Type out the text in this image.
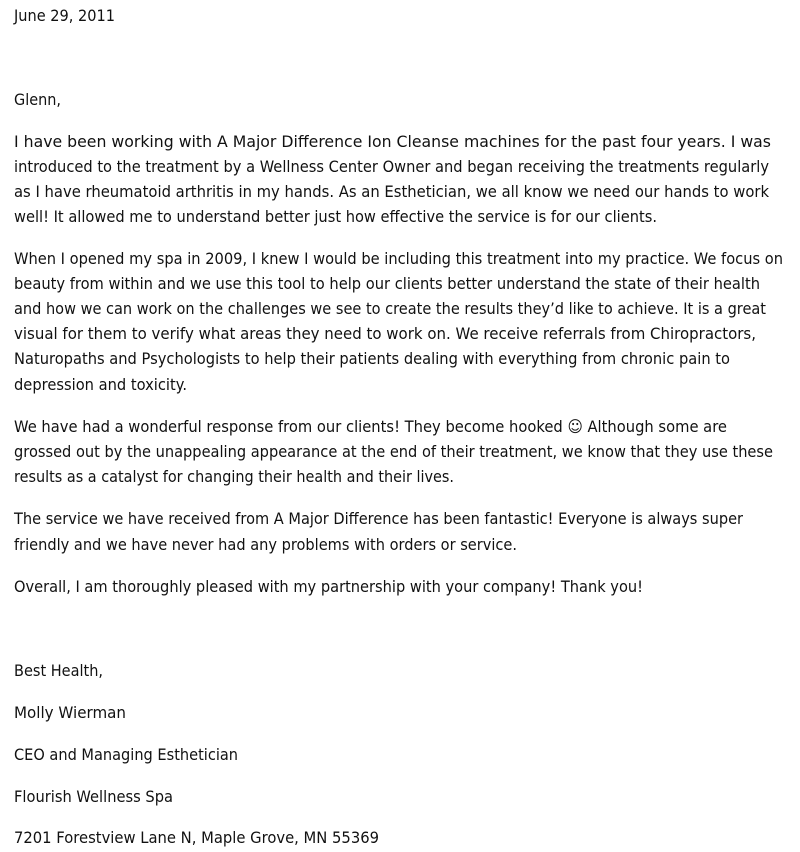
June 29, 2011
Glenn,
I have been working with A Major Difference Ion Cleanse machines for the past four years. I was
introduced to the treatment by a Wellness Center Owner and began receiving the treatments regularly
as I have rheumatoid arthritis in my hands. As an Esthetician, we all know we need our hands to work
well! It allowed me to understand better just how effective the service is for our clients.
When I opened my spa in 2009, I knew I would be including this treatment into my practice. We focus on
beauty from within and we use this tool to help our clients better understand the state of their health
and how we can work on the challenges we see to create the results they’d like to achieve. It is a great
visual for them to verify what areas they need to work on. We receive referrals from Chiropractors,
Naturopaths and Psychologists to help their patients dealing with everything from chronic pain to
depression and toxicity.
We have had a wonderful response from our clients! They become hooked ☺ Although some are
grossed out by the unappealing appearance at the end of their treatment, we know that they use these
results as a catalyst for changing their health and their lives.
The service we have received from A Major Difference has been fantastic! Everyone is always super
friendly and we have never had any problems with orders or service.
Overall, I am thoroughly pleased with my partnership with your company! Thank you!
Best Health,
Molly Wierman
CEO and Managing Esthetician
Flourish Wellness Spa
7201 Forestview Lane N, Maple Grove, MN 55369
